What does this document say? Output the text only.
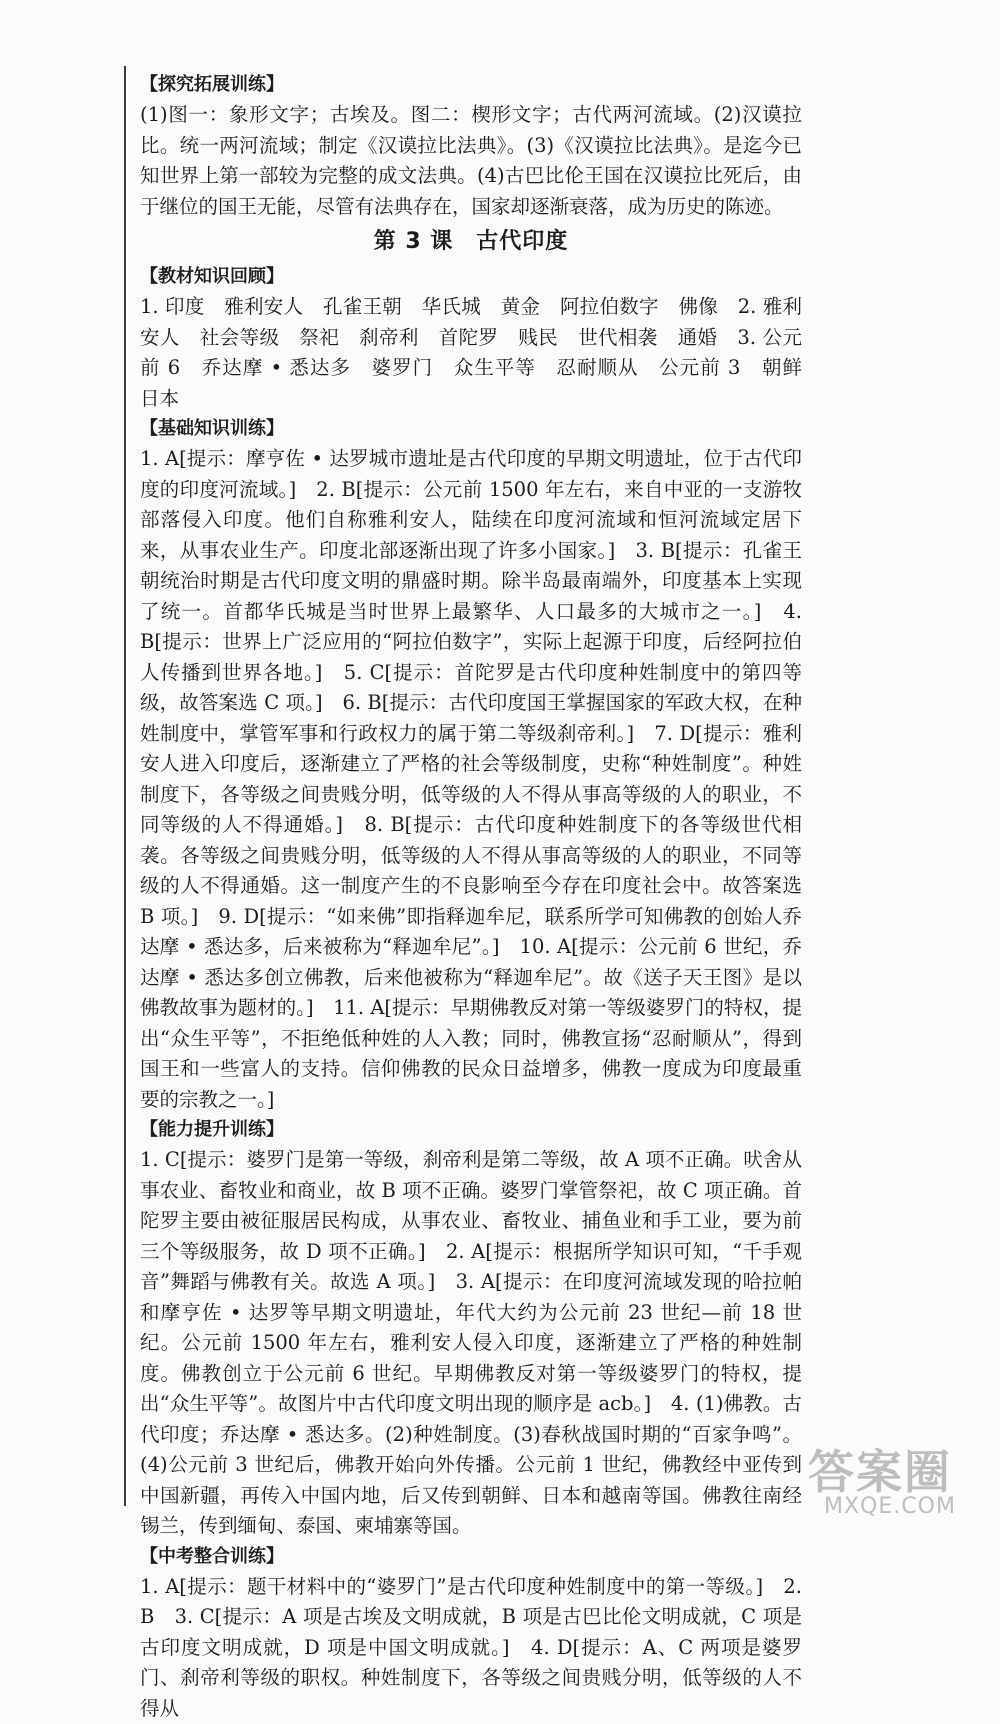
【探究拓展训练】

(1)图一：象形文字；古埃及。图二：楔形文字；古代两河流域。(2)汉谟拉比。统一两河流域；制定《汉谟拉比法典》。(3)《汉谟拉比法典》。是迄今已知世界上第一部较为完整的成文法典。(4)古巴比伦王国在汉谟拉比死后，由于继位的国王无能，尽管有法典存在，国家却逐渐衰落，成为历史的陈迹。

第 3 课　古代印度
【教材知识回顾】

1. 印度　雅利安人　孔雀王朝　华氏城　黄金　阿拉伯数字　佛像　2. 雅利安人　社会等级　祭祀　刹帝利　首陀罗　贱民　世代相袭　通婚　3. 公元前 6　乔达摩 • 悉达多　婆罗门　众生平等　忍耐顺从　公元前 3　朝鲜　日本

【基础知识训练】

1. A[提示：摩亨佐 • 达罗城市遗址是古代印度的早期文明遗址，位于古代印度的印度河流域。]　2. B[提示：公元前 1500 年左右，来自中亚的一支游牧部落侵入印度。他们自称雅利安人，陆续在印度河流域和恒河流域定居下来，从事农业生产。印度北部逐渐出现了许多小国家。]　3. B[提示：孔雀王朝统治时期是古代印度文明的鼎盛时期。除半岛最南端外，印度基本上实现了统一。首都华氏城是当时世界上最繁华、人口最多的大城市之一。]　4. B[提示：世界上广泛应用的“阿拉伯数字”，实际上起源于印度，后经阿拉伯人传播到世界各地。]　5. C[提示：首陀罗是古代印度种姓制度中的第四等级，故答案选 C 项。]　6. B[提示：古代印度国王掌握国家的军政大权，在种姓制度中，掌管军事和行政权力的属于第二等级刹帝利。]　7. D[提示：雅利安人进入印度后，逐渐建立了严格的社会等级制度，史称“种姓制度”。种姓制度下，各等级之间贵贱分明，低等级的人不得从事高等级的人的职业，不同等级的人不得通婚。]　8. B[提示：古代印度种姓制度下的各等级世代相袭。各等级之间贵贱分明，低等级的人不得从事高等级的人的职业，不同等级的人不得通婚。这一制度产生的不良影响至今存在印度社会中。故答案选 B 项。]　9. D[提示：“如来佛”即指释迦牟尼，联系所学可知佛教的创始人乔达摩 • 悉达多，后来被称为“释迦牟尼”。]　10. A[提示：公元前 6 世纪，乔达摩 • 悉达多创立佛教，后来他被称为“释迦牟尼”。故《送子天王图》是以佛教故事为题材的。]　11. A[提示：早期佛教反对第一等级婆罗门的特权，提出“众生平等”，不拒绝低种姓的人入教；同时，佛教宣扬“忍耐顺从”，得到国王和一些富人的支持。信仰佛教的民众日益增多，佛教一度成为印度最重要的宗教之一。]

【能力提升训练】

1. C[提示：婆罗门是第一等级，刹帝利是第二等级，故 A 项不正确。吠舍从事农业、畜牧业和商业，故 B 项不正确。婆罗门掌管祭祀，故 C 项正确。首陀罗主要由被征服居民构成，从事农业、畜牧业、捕鱼业和手工业，要为前三个等级服务，故 D 项不正确。]　2. A[提示：根据所学知识可知，“千手观音”舞蹈与佛教有关。故选 A 项。]　3. A[提示：在印度河流域发现的哈拉帕和摩亨佐 • 达罗等早期文明遗址，年代大约为公元前 23 世纪—前 18 世纪。公元前 1500 年左右，雅利安人侵入印度，逐渐建立了严格的种姓制度。佛教创立于公元前 6 世纪。早期佛教反对第一等级婆罗门的特权，提出“众生平等”。故图片中古代印度文明出现的顺序是 acb。]　4. (1)佛教。古代印度；乔达摩 • 悉达多。(2)种姓制度。(3)春秋战国时期的“百家争鸣”。(4)公元前 3 世纪后，佛教开始向外传播。公元前 1 世纪，佛教经中亚传到中国新疆，再传入中国内地，后又传到朝鲜、日本和越南等国。佛教往南经锡兰，传到缅甸、泰国、柬埔寨等国。

【中考整合训练】

1. A[提示：题干材料中的“婆罗门”是古代印度种姓制度中的第一等级。]　2. B　3. C[提示：A 项是古埃及文明成就，B 项是古巴比伦文明成就，C 项是古印度文明成就，D 项是中国文明成就。]　4. D[提示：A、C 两项是婆罗门、刹帝利等级的职权。种姓制度下，各等级之间贵贱分明，低等级的人不得从

答案圈
MXQE.COM
